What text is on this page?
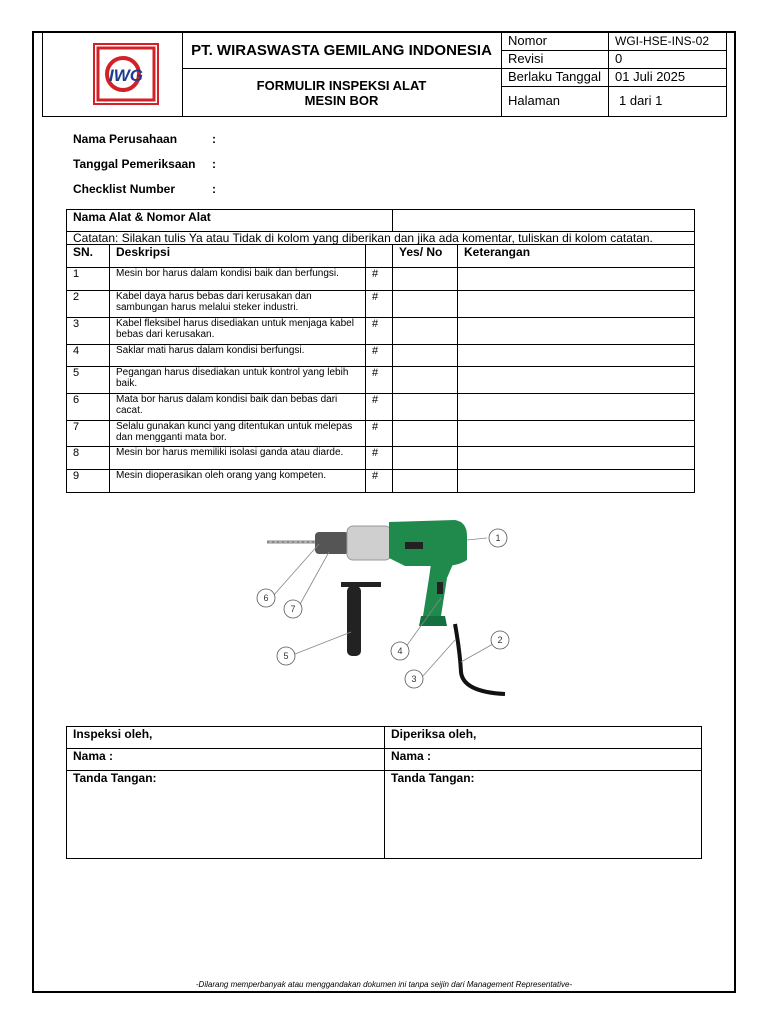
IWG
PT. WIRASWASTA GEMILANG INDONESIA
FORMULIR INSPEKSI ALAT
MESIN BOR
Nomor	WGI-HSE-INS-02
Revisi	0
Berlaku Tanggal 01 Juli 2025
Halaman	1 dari 1
Nama Perusahaan	:
Tanggal Pemeriksaan :
Checklist Number	:
Nama Alat & Nomor Alat				
Catatan: Silakan tulis Ya atau Tidak di kolom yang diberikan dan jika ada komentar, tuliskan di kolom catatan.				
SN.	Deskripsi		Yes/ No	Keterangan
1	Mesin bor harus dalam kondisi baik dan berfungsi.	#		
2	Kabel daya harus bebas dari kerusakan dan sambungan harus melalui steker industri.	#		
3	Kabel fleksibel harus disediakan untuk menjaga kabel bebas dari kerusakan.	#		
4	Saklar mati harus dalam kondisi berfungsi.	#		
5	Pegangan harus disediakan untuk kontrol yang lebih baik.	#		
6	Mata bor harus dalam kondisi baik dan bebas dari cacat.	#		
7	Selalu gunakan kunci yang ditentukan untuk melepas dan mengganti mata bor.	#		
8	Mesin bor harus memiliki isolasi ganda atau diarde.	#		
9	Mesin dioperasikan oleh orang yang kompeten.	#		
1
2
3
4
5
6
7
Inspeksi oleh,	Diperiksa oleh,
Nama :	Nama :
Tanda Tangan:	Tanda Tangan:
-Dilarang memperbanyak atau menggandakan dokumen ini tanpa seijin dari Management Representative-
